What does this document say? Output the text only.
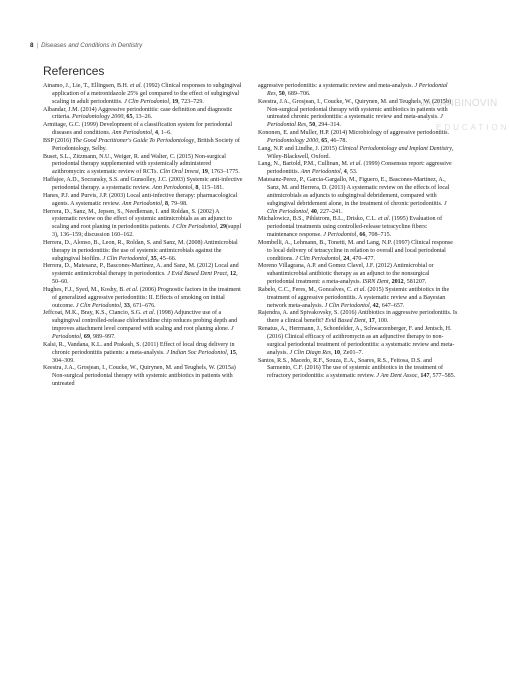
8 | Diseases and Conditions in Dentistry
References
Ainamo, J., Lie, T., Ellingsen, B.H. et al. (1992) Clinical responses to subgingival application of a metronidazole 25% gel compared to the effect of subgingival scaling in adult periodontitis. J Clin Periodontol, 19, 723–729.
Albandar, J.M. (2014) Aggressive periodontitis: case definition and diagnostic criteria. Periodontology 2000, 65, 13–26.
Armitage, G.C. (1999) Development of a classification system for periodontal diseases and conditions. Ann Periodontol, 4, 1–6.
BSP (2016) The Good Practitioner's Guide To Periodontology, British Society of Periodontology, Selby.
Buset, S.L., Zitzmann, N.U., Weiger, R. and Walter, C. (2015) Non-surgical periodontal therapy supplemented with systemically administered azithromycin: a systematic review of RCTs. Clin Oral Invest, 19, 1763–1775.
Haffajee, A.D., Socransky, S.S. and Gunsolley, J.C. (2003) Systemic anti-infective periodontal therapy. a systematic review. Ann Periodontol, 8, 115–181.
Hanes, P.J. and Purvis, J.P. (2003) Local anti-infective therapy: pharmacological agents. A systematic review. Ann Periodontol, 8, 79–98.
Herrera, D., Sanz, M., Jepsen, S., Needleman, I. and Roldan, S. (2002) A systematic review on the effect of systemic antimicrobials as an adjunct to scaling and root planing in periodontitis patients. J Clin Periodontol, 29(suppl 3), 136–159; discussion 160–162.
Herrera, D., Alonso, B., Leon, R., Roldan, S. and Sanz, M. (2008) Antimicrobial therapy in periodontitis: the use of systemic antimicrobials against the subgingival biofilm. J Clin Periodontol, 35, 45–66.
Herrera, D., Matesanz, P., Bascones-Martínez, A. and Sanz, M. (2012) Local and systemic antimicrobial therapy in periodontics. J Evid Based Dent Pract, 12, 50–60.
Hughes, F.J., Syed, M., Koshy, B. et al. (2006) Prognostic factors in the treatment of generalized aggressive periodontitis: II. Effects of smoking on initial outcome. J Clin Periodontol, 33, 671–676.
Jeffcoat, M.K., Bray, K.S., Ciancio, S.G. et al. (1998) Adjunctive use of a subgingival controlled-release chlorhexidine chip reduces probing depth and improves attachment level compared with scaling and root planing alone. J Periodontol, 69, 989–997.
Kalsi, R., Vandana, K.L. and Prakash, S. (2011) Effect of local drug delivery in chronic periodontitis patients: a meta-analysis. J Indian Soc Periodontol, 15, 304–309.
Keestra, J.A., Grosjean, I., Coucke, W., Quirynen, M. and Teughels, W. (2015a) Non-surgical periodontal therapy with systemic antibiotics in patients with untreated
aggressive periodontitis: a systematic review and meta-analysis. J Periodontal Res, 50, 689–706.
Keestra, J.A., Grosjean, I., Coucke, W., Quirynen, M. and Teughels, W. (2015b) Non-surgical periodontal therapy with systemic antibiotics in patients with untreated chronic periodontitis: a systematic review and meta-analysis. J Periodontal Res, 50, 294–314.
Kononen, E. and Muller, H.P. (2014) Microbiology of aggressive periodontitis. Periodontology 2000, 65, 46–78.
Lang, N.P. and Lindhe, J. (2015) Clinical Periodontology and Implant Dentistry, Wiley-Blackwell, Oxford.
Lang, N., Bartold, P.M., Cullinan, M. et al. (1999) Consensus report: aggressive periodontitis. Ann Periodontol, 4, 53.
Matesanz-Perez, P., Garcia-Gargallo, M., Figuero, E., Bascones-Martinez, A., Sanz, M. and Herrera, D. (2013) A systematic review on the effects of local antimicrobials as adjuncts to subgingival debridement, compared with subgingival debridement alone, in the treatment of chronic periodontitis. J Clin Periodontol, 40, 227–241.
Michalowicz, B.S., Pihlstrom, B.L., Drisko, C.L. et al. (1995) Evaluation of periodontal treatments using controlled-release tetracycline fibers: maintenance response. J Periodontol, 66, 708–715.
Mombelli, A., Lehmann, B., Tonetti, M. and Lang, N.P. (1997) Clinical response to local delivery of tetracycline in relation to overall and local periodontal conditions. J Clin Periodontol, 24, 470–477.
Moreno Villagrana, A.P. and Gomez Clavel, J.F. (2012) Antimicrobial or subantimicrobial antibiotic therapy as an adjunct to the nonsurgical periodontal treatment: a meta-analysis. ISRN Dent, 2012, 581207.
Rabelo, C.C., Feres, M., Goncalves, C. et al. (2015) Systemic antibiotics in the treatment of aggressive periodontitis. A systematic review and a Bayesian network meta-analysis. J Clin Periodontol, 42, 647–657.
Rajendra, A. and Spivakovsky, S. (2016) Antibiotics in aggressive periodontitis. Is there a clinical benefit? Evid Based Dent, 17, 100.
Renatus, A., Herrmann, J., Schonfelder, A., Schwarzenberger, F. and Jentsch, H. (2016) Clinical efficacy of azithromycin as an adjunctive therapy to non-surgical periodontal treatment of periodontitis: a systematic review and meta-analysis. J Clin Diagn Res, 10, Ze01–7.
Santos, R.S., Macedo, R.F., Souza, E.A., Soares, R.S., Feitosa, D.S. and Sarmento, C.F. (2016) The use of systemic antibiotics in the treatment of refractory periodontitis: a systematic review. J Am Dent Assoc, 147, 577–585.
JAHANBINOVIN
EDUCATION
